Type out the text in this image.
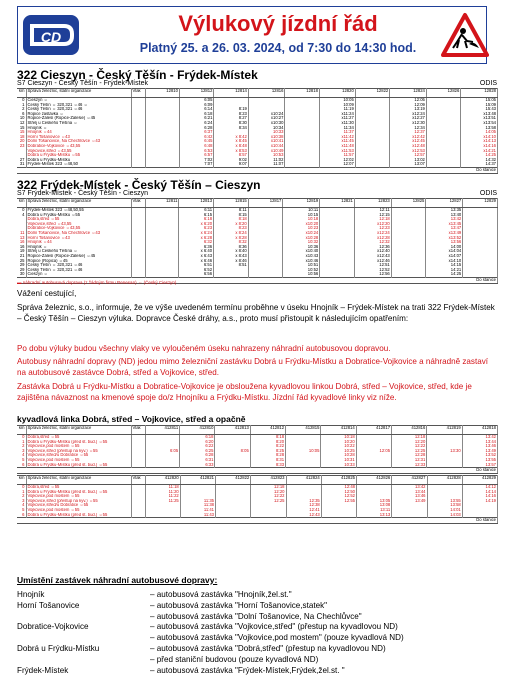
CD
Výlukový jízdní řád
Platný 25. a 26. 03. 2024, od 7:30 do 14:30 hod.
322 Cieszyn - Český Těšín - Frýdek-Místek
S7 Cieszyn - Český Těšín - Frýdek-Místek	ODIS
km	Správa železnic, státní organizace	Vlak	12810	12812	12814	12816	12818	12820	12822	12824	12826	12828
0	Cieszyn ⇔			6:05				10:05		12:05		15:05
1	Český Těšín ⇔ 320,321 ⇔46 ⇔			6:09				10:09		12:09		15:09
2	Český Těšín ⇔ 320,321 ⇔46			6:14	8:19			11:19		13:19		15:43
6	Ropice zastávka ⇔			6:18	8:23	x10:24		x11:24		x12:24		x13:48
10	Ropice-Zálesí (Ropice-Zalesie) ⇔45			6:21	8:27	x10:27		x11:27		x12:27		x13:51
12	Střelj u Českého Těšína ⇔			6:24	8:30	x10:30		x11:30		x12:30		x13:54
15	Hnojník ⇔			6:28	8:34	10:34		11:34		12:34		13:58
15	Hnojník ⇔44			6:37		10:33		11:37		12:37		14:05
18	Horní Tošanovice ⇔43			6:42	x 8:42	x10:38		x11:42		x12:42		x14:10
20	Dolní Tošanovice, Na Chechlůvce ⇔43			6:45	x 8:45	x10:41		x11:45		x12:45		x14:13
23	Dobratice-Vojkovice ⇔43,55			6:48	x 8:48	x10:44		x11:48		x12:48		x14:16
	Vojkovice,střed ⇔43,55			6:53	x 8:53	x10:49		x11:53		x12:53		x14:21
	Dobrá u Frýdku-Místku ⇔55			6:57	8:57	10:53		11:57		12:57		14:25
27	Dobrá u Frýdku-Místku			7:02	9:02	11:02		12:02		13:02		14:32
31	Frýdek-Místek 323 ⇔48,50			7:07	9:07	11:07		12:07		13:07		14:37
Do stanice												
322 Frýdek-Místek - Český Těšín – Cieszyn
S7 Frýdek-Místek - Český Těšín - Cieszyn	ODIS
km	Správa železnic, státní organizace	Vlak	12811	12813	12815	12817	12819	12821	12823	12825	12827	12829
0	Frýdek-Místek 323 ⇔48,50,55			6:11	8:11		10:11		12:11		13:35	
4	Dobrá u Frýdku-Místku ⇔55			6:15	8:15		10:15		12:15		13:40	
	Dobrá,střed ⇔55			6:18	8:18		10:18		12:18		13:42	
	Vojkovice,střed ⇔43,55			x 6:20	x 8:20		x10:20		x12:20		x13:45	
	Dobratice-Vojkovice ⇔43,55			6:23	8:23		10:23		12:23		13:47	
11	Dolní Tošanovice, Na Chechlůvce ⇔43			x 6:24	x 8:24		x10:24		x12:24		x13:49	
13	Horní Tošanovice ⇔43			x 6:28	x 8:28		x10:28		x12:28		x13:52	
16	Hnojník ⇔44			6:32	8:32		10:32		12:32		13:56	
16	Hnojník ⇔			6:36	8:36		10:36		12:36		14:00	
19	Střelj u Českého Těšína ⇔			x 6:40	x 8:40		x10:40		x12:40		x14:04	
21	Ropice-Zálesí (Ropice-Zalesie) ⇔45			x 6:43	x 8:43		x10:43		x12:43		x14:07	
25	Ropice (Ropica) ⇔45			x 6:46	x 8:46		x10:46		x12:46		x14:10	
29	Český Těšín ⇔ 320,321 ⇔46			6:51	8:51		10:51		12:51		14:15	
29	Český Těšín ⇔ 320,321 ⇔46			6:52			10:52		12:52		14:21	
30	Cieszyn ⇔			6:56			10:56		12:56		14:25	
Do stanice												
▬ náhradní autobusová doprava (z žádným firmu Renesan) ⇔ (Český Cieszyn)
Vážení cestující,
Správa železnic, s.o., informuje, že ve výše uvedeném termínu proběhne v úseku Hnojník – Frýdek-Místek na trati 322 Frýdek-Místek – Český Těšín – Cieszyn výluka. Dopravce České dráhy, a.s., proto musí přistoupit k následujícím opatřením:
Po dobu výluky budou všechny vlaky ve vyloučeném úseku nahrazeny náhradní autobusovou dopravou.
Autobusy náhradní dopravy (ND) jedou mimo železniční zastávku Dobrá u Frýdku-Místku a Dobratice-Vojkovice a náhradně zastaví na autobusové zastávce Dobrá, střed a Vojkovice, střed.
Zastávka Dobrá u Frýdku-Místku a Dobratice-Vojkovice je obsloužena kyvadlovou linkou Dobrá, střed – Vojkovice, střed, kde je zajištěna návaznost na kmenové spoje do/z Hnojníku a Frýdku-Místku. Jízdní řád kyvadlové linky viz níže.
kyvadlová linka Dobrá, střed – Vojkovice, střed a opačně
km	Správa železnic, státní organizace	Vlak	412811	412810	412813	412812	412815	412814	412817	412816	412819	412818
0	Dobrá,střed ⇔55			6:18		8:18		10:18		12:18		13:42
1	Dobrá u Frýdku-Místku (před st. bud.) ⇔55			6:20		8:20		10:20		12:20		13:44
2	Vojkovice,pod mostem ⇔55			6:22		8:22		10:22		12:22		13:46
3	Vojkovice,střed (přestup na kyv.) ⇔55		6:05	6:25	8:05	8:25	10:05	10:25	12:05	12:25	13:30	13:49
4	Vojkovice,střed/u Dobratice ⇔55			6:28		8:28		10:28		12:28		13:52
5	Vojkovice,pod mostem ⇔55			6:31		8:31		10:31		12:31		13:55
6	Dobrá u Frýdku-Místku (před st. bud.) ⇔55			6:33		8:33		10:33		12:33		13:57
Do stanice												
km	Správa železnic, státní organizace	Vlak	412820	412821	412822	412823	412824	412825	412826	412827	412828	412829
0	Dobrá,střed ⇔55		11:18			12:18		12:48		13:42		14:12
1	Dobrá u Frýdku-Místku (před st. bud.) ⇔55		11:20			12:20		12:50		13:44		14:14
2	Vojkovice,pod mostem ⇔55		11:22			12:22		12:52		13:46		14:16
3	Vojkovice,střed (přestup na kyv.) ⇔55		11:25	11:35		12:25	12:35	12:55	13:05	13:49	13:55	14:19
4	Vojkovice,střed/u Dobratice ⇔55			11:38			12:38		13:08		13:58	
5	Vojkovice,pod mostem ⇔55			11:41			12:41		13:11		14:01	
6	Dobrá u Frýdku-Místku (před st. bud.) ⇔55			11:43			12:43		13:13		14:03	
Do stanice												
Umístění zastávek náhradní autobusové dopravy:
Hnojník	– autobusová zastávka "Hnojník,žel.st."
Horní Tošanovice	– autobusová zastávka "Horní Tošanovice,statek"
– autobusová zastávka "Dolní Tošanovice, Na Chechlůvce"
Dobratice-Vojkovice	– autobusová zastávka "Vojkovice,střed" (přestup na kyvadlovou ND)
– autobusová zastávka "Vojkovice,pod mostem" (pouze kyvadlová ND)
Dobrá u Frýdku-Místku	– autobusová zastávka "Dobrá,střed" (přestup na kyvadlovou ND)
– před staniční budovou (pouze kyvadlová ND)
Frýdek-Místek	– autobusová zastávka "Frýdek-Místek,Frýdek,žel.st. "
